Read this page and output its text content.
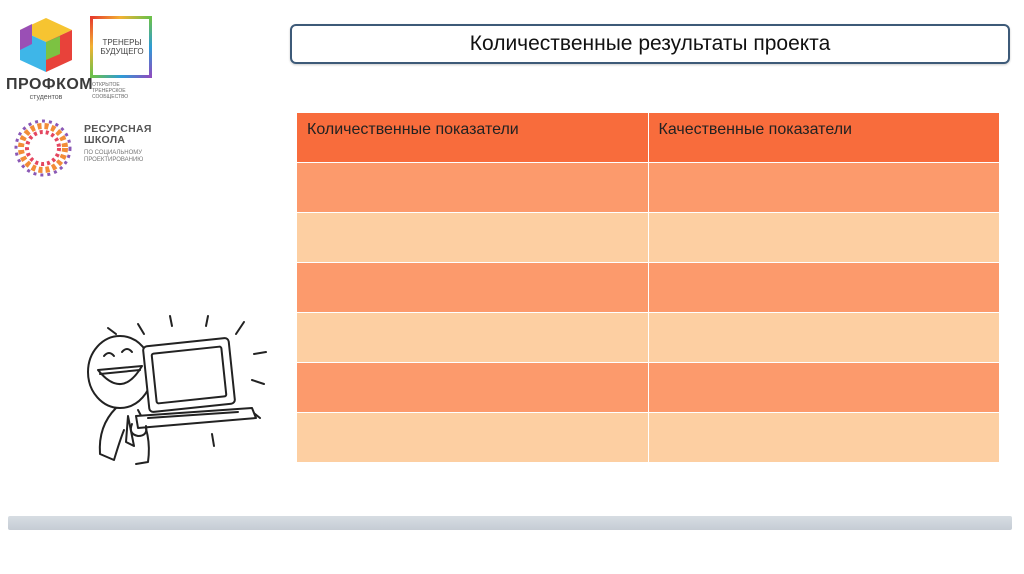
ПРОФКОМ
студентов
ТРЕНЕРЫ
БУДУЩЕГО
ОТКРЫТОЕ ТРЕНЕРСКОЕ СООБЩЕСТВО
РЕСУРСНАЯ
ШКОЛА
ПО СОЦИАЛЬНОМУ
ПРОЕКТИРОВАНИЮ
Количественные результаты проекта
Количественные показатели	Качественные показатели
